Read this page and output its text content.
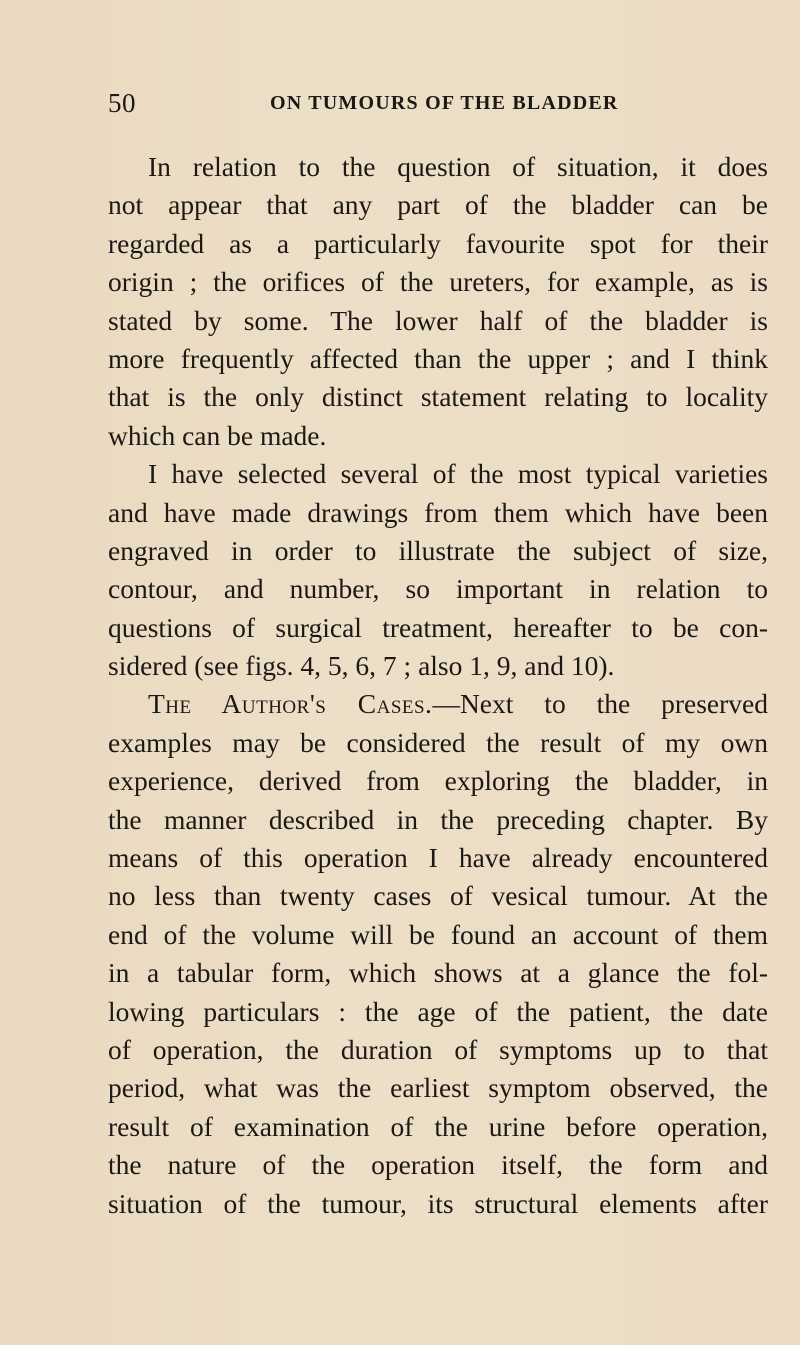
50	ON TUMOURS OF THE BLADDER
In relation to the question of situation, it does
not appear that any part of the bladder can be
regarded as a particularly favourite spot for their
origin ; the orifices of the ureters, for example, as is
stated by some. The lower half of the bladder is
more frequently affected than the upper ; and I think
that is the only distinct statement relating to locality
which can be made.
I have selected several of the most typical varieties
and have made drawings from them which have been
engraved in order to illustrate the subject of size,
contour, and number, so important in relation to
questions of surgical treatment, hereafter to be con-
sidered (see figs. 4, 5, 6, 7 ; also 1, 9, and 10).
The Author's Cases.—Next to the preserved
examples may be considered the result of my own
experience, derived from exploring the bladder, in
the manner described in the preceding chapter. By
means of this operation I have already encountered
no less than twenty cases of vesical tumour. At the
end of the volume will be found an account of them
in a tabular form, which shows at a glance the fol-
lowing particulars : the age of the patient, the date
of operation, the duration of symptoms up to that
period, what was the earliest symptom observed, the
result of examination of the urine before operation,
the nature of the operation itself, the form and
situation of the tumour, its structural elements after
